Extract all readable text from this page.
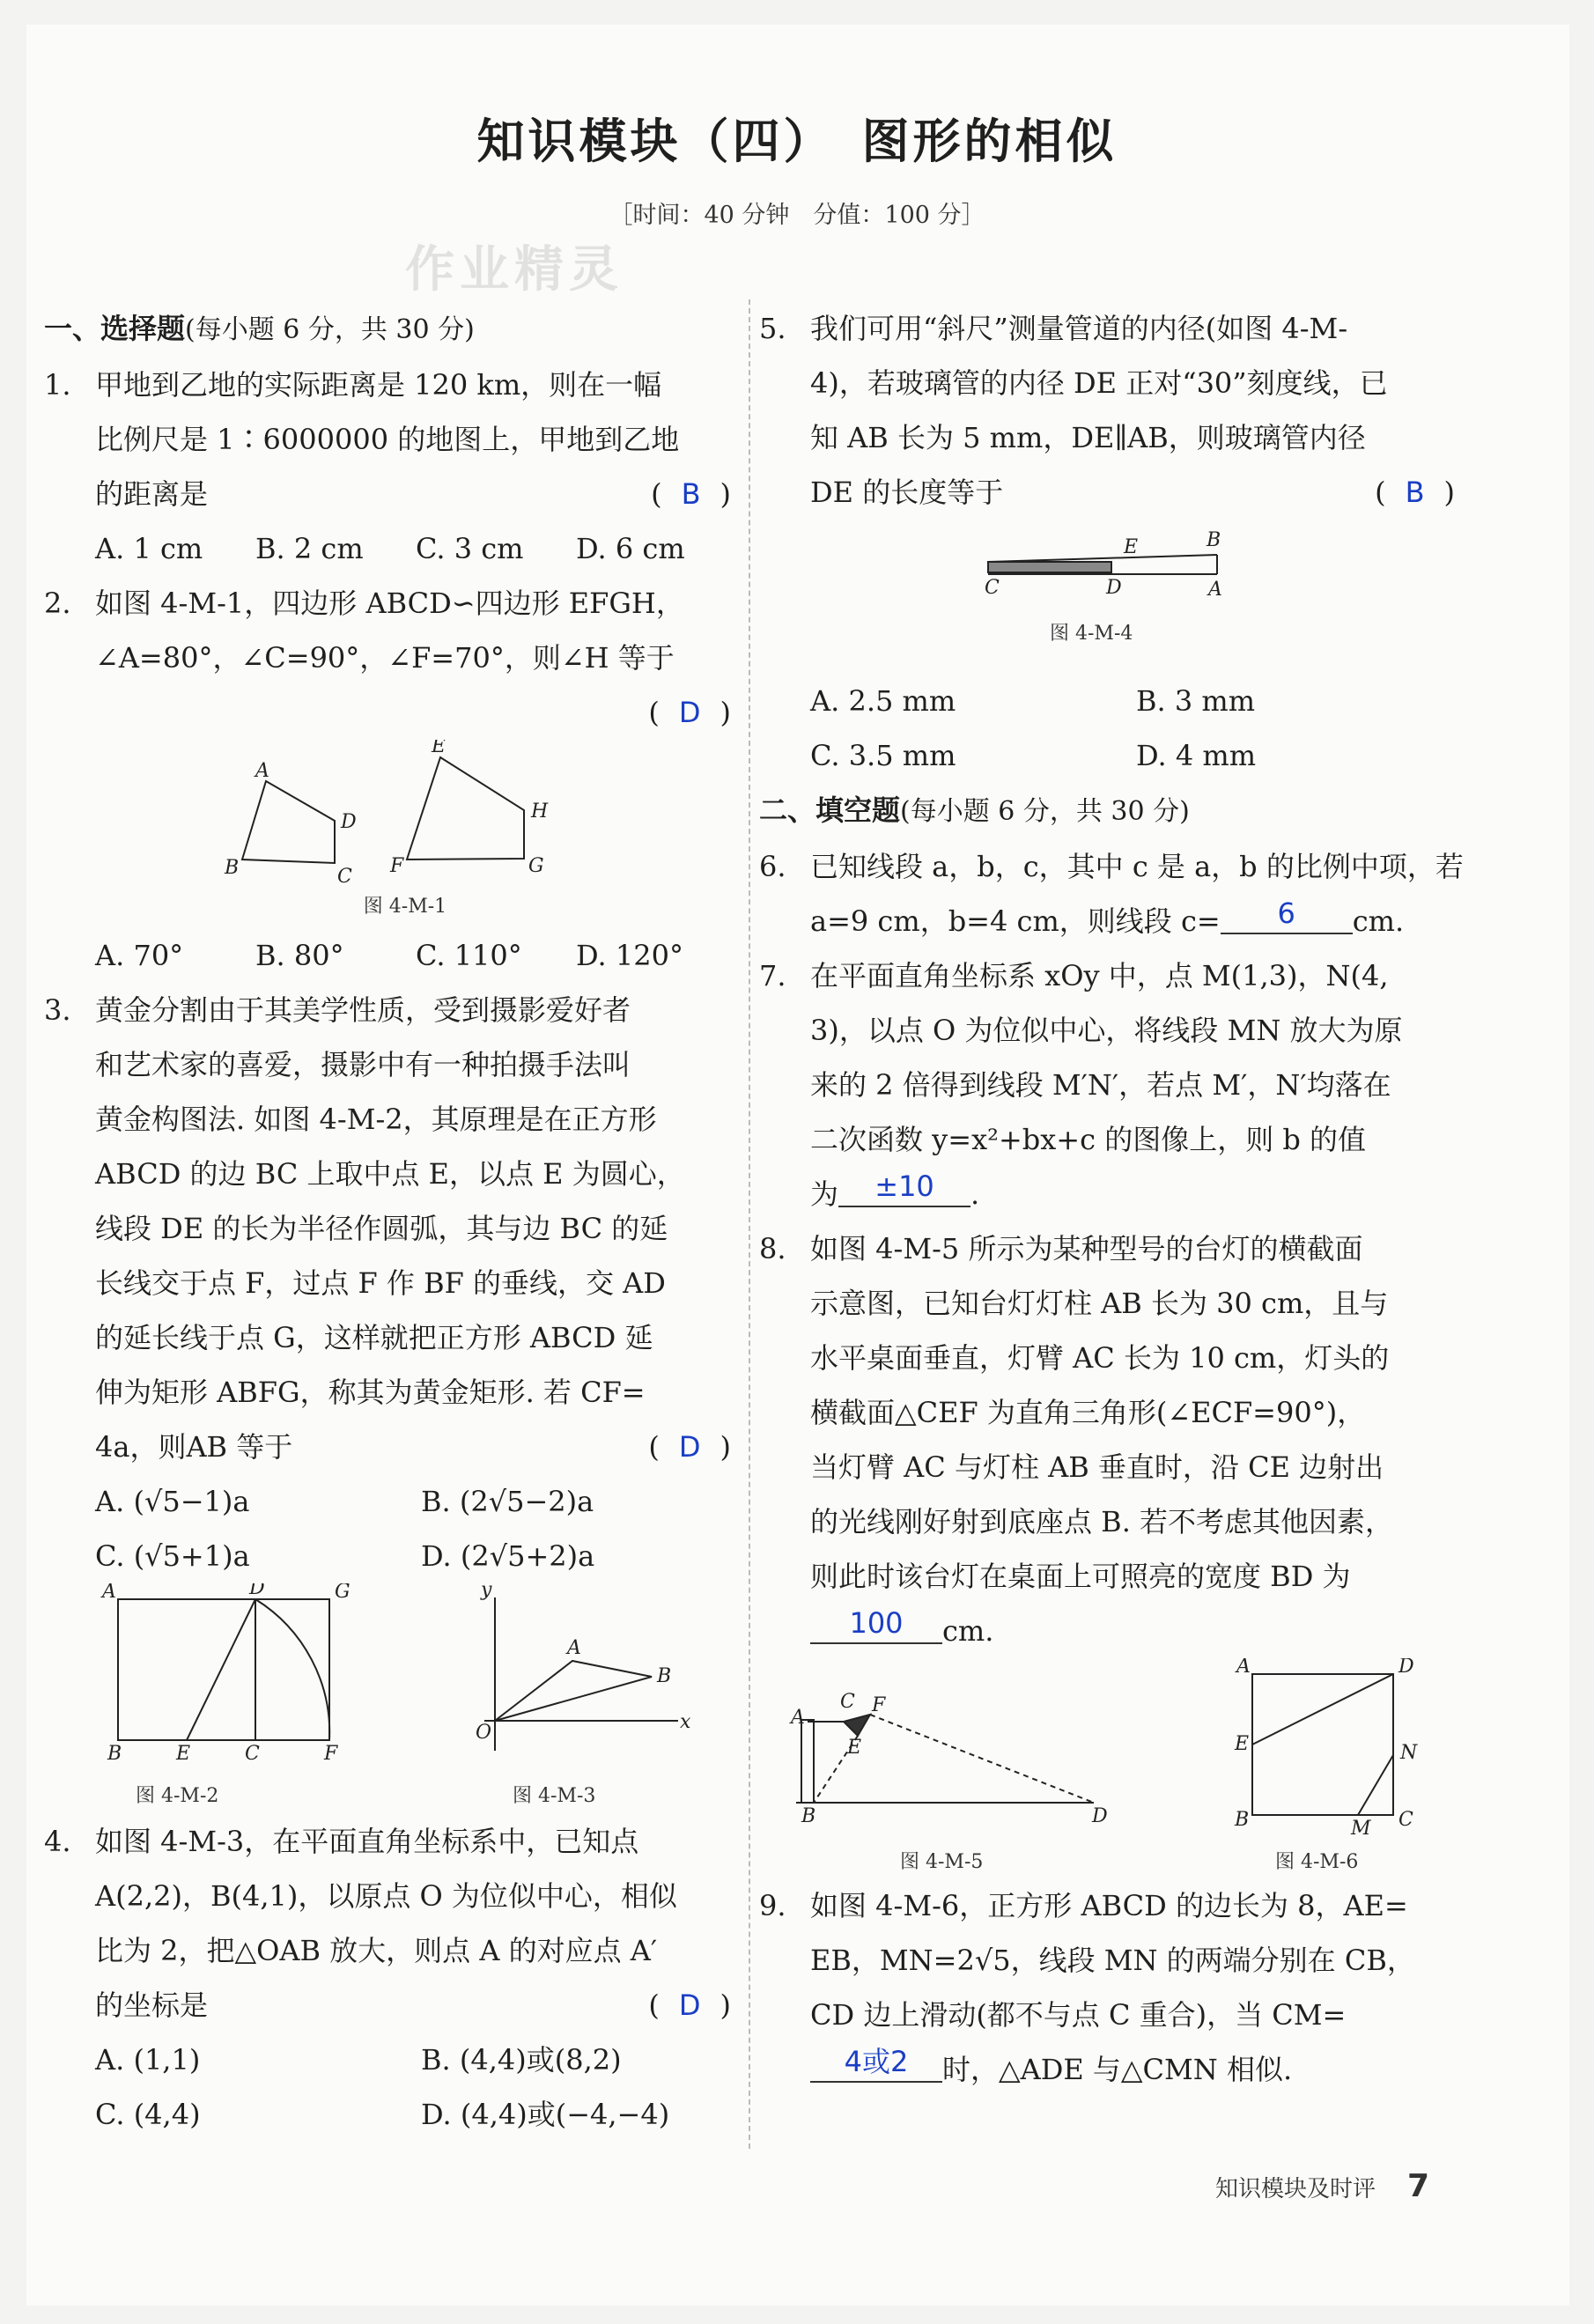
知识模块（四）　图形的相似
［时间：40 分钟　分值：100 分］
作业精灵
一、选择题(每小题 6 分，共 30 分)
1. 甲地到乙地的实际距离是 120 km，则在一幅
比例尺是 1∶6000000 的地图上，甲地到乙地
的距离是	( B )
A. 1 cm	B. 2 cm	C. 3 cm	D. 6 cm
2. 如图 4-M-1，四边形 ABCD∽四边形 EFGH，
∠A=80°，∠C=90°，∠F=70°，则∠H 等于
( D )
A
D
C
B
E
H
G
F
图 4-M-1
A. 70°	B. 80°	C. 110°	D. 120°
3. 黄金分割由于其美学性质，受到摄影爱好者
和艺术家的喜爱，摄影中有一种拍摄手法叫
黄金构图法. 如图 4-M-2，其原理是在正方形
ABCD 的边 BC 上取中点 E，以点 E 为圆心，
线段 DE 的长为半径作圆弧，其与边 BC 的延
长线交于点 F，过点 F 作 BF 的垂线，交 AD
的延长线于点 G，这样就把正方形 ABCD 延
伸为矩形 ABFG，称其为黄金矩形. 若 CF=
4a，则AB 等于	( D )
A. (√5−1)a	B. (2√5−2)a
C. (√5+1)a	D. (2√5+2)a
A	D	G
B	E	C	F
y
x
O
A
B
图 4-M-2	图 4-M-3
4. 如图 4-M-3，在平面直角坐标系中，已知点
A(2,2)，B(4,1)，以原点 O 为位似中心，相似
比为 2，把△OAB 放大，则点 A 的对应点 A′
的坐标是	( D )
A. (1,1)	B. (4,4)或(8,2)
C. (4,4)	D. (4,4)或(−4,−4)
5. 我们可用“斜尺”测量管道的内径(如图 4-M-
4)，若玻璃管的内径 DE 正对“30”刻度线，已
知 AB 长为 5 mm，DE∥AB，则玻璃管内径
DE 的长度等于	( B )
C	D	A
E	B
图 4-M-4
A. 2.5 mm	B. 3 mm
C. 3.5 mm	D. 4 mm
二、填空题(每小题 6 分，共 30 分)
6. 已知线段 a，b，c，其中 c 是 a，b 的比例中项，若
a=9 cm，b=4 cm，则线段 c= 6 cm.
7. 在平面直角坐标系 xOy 中，点 M(1,3)，N(4,
3)，以点 O 为位似中心，将线段 MN 放大为原
来的 2 倍得到线段 M′N′，若点 M′，N′均落在
二次函数 y=x²+bx+c 的图像上，则 b 的值
为 ±10 .
8. 如图 4-M-5 所示为某种型号的台灯的横截面
示意图，已知台灯灯柱 AB 长为 30 cm，且与
水平桌面垂直，灯臂 AC 长为 10 cm，灯头的
横截面△CEF 为直角三角形(∠ECF=90°)，
当灯臂 AC 与灯柱 AB 垂直时，沿 CE 边射出
的光线刚好射到底座点 B. 若不考虑其他因素，
则此时该台灯在桌面上可照亮的宽度 BD 为
100 cm.
A
C F
E
B	D
A	D
E	N
B	M C
图 4-M-5	图 4-M-6
9. 如图 4-M-6，正方形 ABCD 的边长为 8，AE=
EB，MN=2√5，线段 MN 的两端分别在 CB，
CD 边上滑动(都不与点 C 重合)，当 CM=
4或2 时，△ADE 与△CMN 相似.
知识模块及时评 7
